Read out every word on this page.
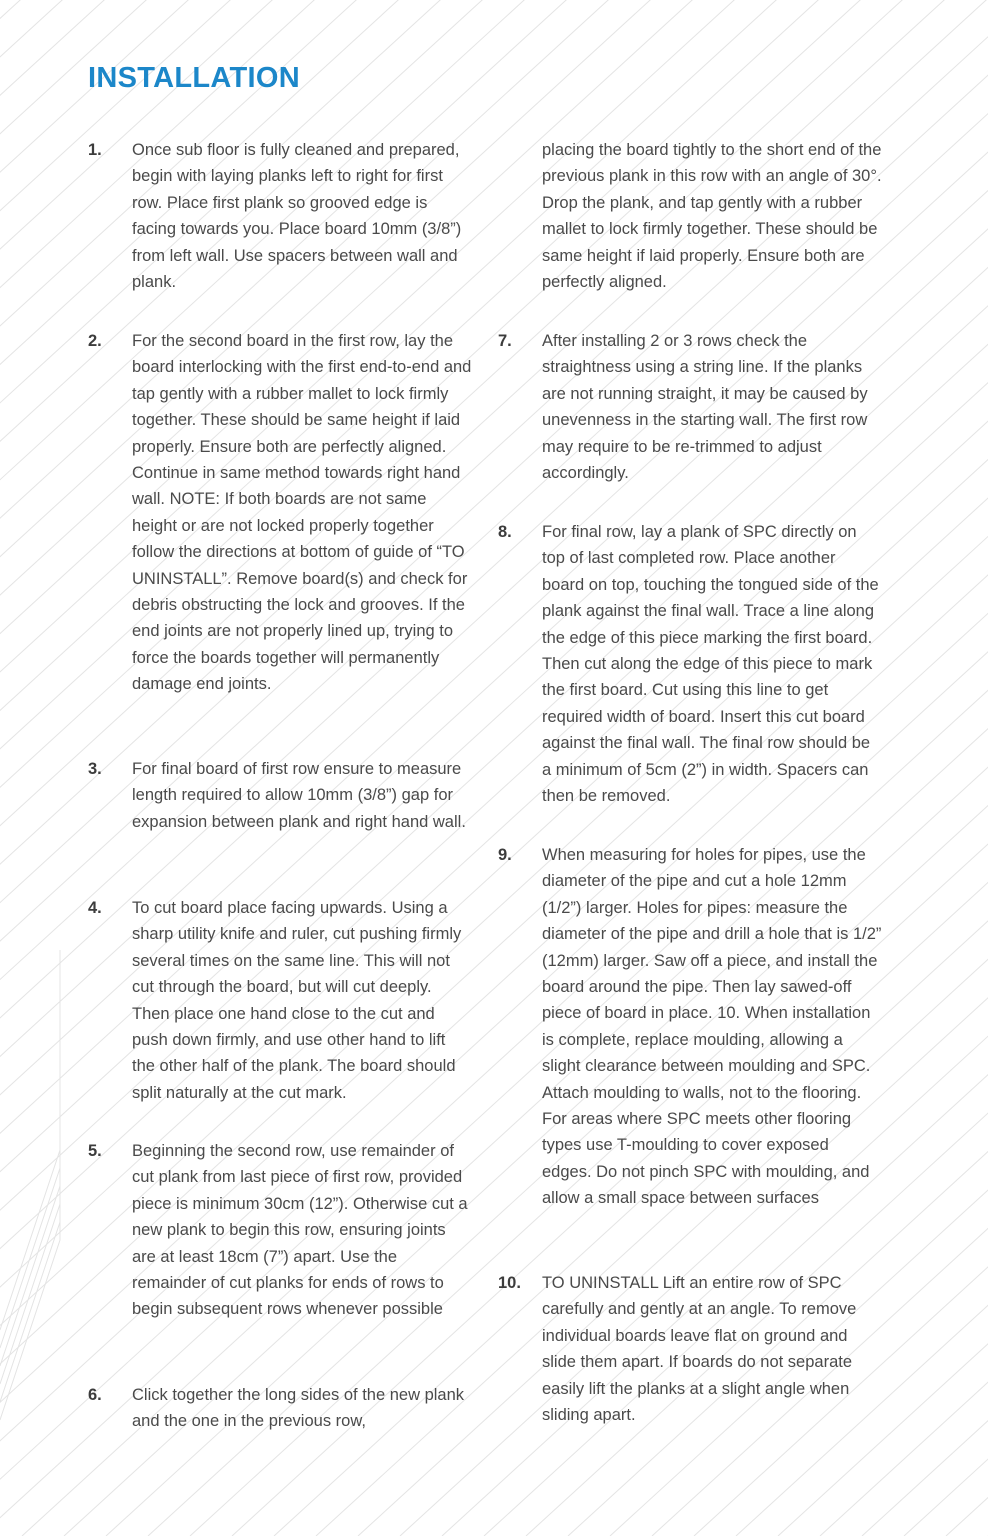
INSTALLATION
1. Once sub floor is fully cleaned and prepared, begin with laying planks left to right for first row. Place first plank so grooved edge is facing towards you. Place board 10mm (3/8”) from left wall. Use spacers between wall and plank.

2. For the second board in the first row, lay the board interlocking with the first end-to-end and tap gently with a rubber mallet to lock firmly together. These should be same height if laid properly. Ensure both are perfectly aligned. Continue in same method towards right hand wall. NOTE: If both boards are not same height or are not locked properly together follow the directions at bottom of guide of “TO UNINSTALL”. Remove board(s) and check for debris obstructing the lock and grooves. If the end joints are not properly lined up, trying to force the boards together will permanently damage end joints.

3. For final board of first row ensure to measure length required to allow 10mm (3/8”) gap for expansion between plank and right hand wall.

4. To cut board place facing upwards. Using a sharp utility knife and ruler, cut pushing firmly several times on the same line. This will not cut through the board, but will cut deeply. Then place one hand close to the cut and push down firmly, and use other hand to lift the other half of the plank. The board should split naturally at the cut mark.

5. Beginning the second row, use remainder of cut plank from last piece of first row, provided piece is minimum 30cm (12”). Otherwise cut a new plank to begin this row, ensuring joints are at least 18cm (7”) apart. Use the remainder of cut planks for ends of rows to begin subsequent rows whenever possible

6. Click together the long sides of the new plank and the one in the previous row,

placing the board tightly to the short end of the previous plank in this row with an angle of 30°. Drop the plank, and tap gently with a rubber mallet to lock firmly together. These should be same height if laid properly. Ensure both are perfectly aligned.

7. After installing 2 or 3 rows check the straightness using a string line. If the planks are not running straight, it may be caused by unevenness in the starting wall. The first row may require to be re-trimmed to adjust accordingly.

8. For final row, lay a plank of SPC directly on top of last completed row. Place another board on top, touching the tongued side of the plank against the final wall. Trace a line along the edge of this piece marking the first board. Then cut along the edge of this piece to mark the first board. Cut using this line to get required width of board. Insert this cut board against the final wall. The final row should be a minimum of 5cm (2”) in width. Spacers can then be removed.

9. When measuring for holes for pipes, use the diameter of the pipe and cut a hole 12mm (1/2”) larger. Holes for pipes: measure the diameter of the pipe and drill a hole that is 1/2” (12mm) larger. Saw off a piece, and install the board around the pipe. Then lay sawed-off piece of board in place. 10. When installation is complete, replace moulding, allowing a slight clearance between moulding and SPC. Attach moulding to walls, not to the flooring. For areas where SPC meets other flooring types use T-moulding to cover exposed edges. Do not pinch SPC with moulding, and allow a small space between surfaces

10. TO UNINSTALL Lift an entire row of SPC carefully and gently at an angle. To remove individual boards leave flat on ground and slide them apart. If boards do not separate easily lift the planks at a slight angle when sliding apart.
